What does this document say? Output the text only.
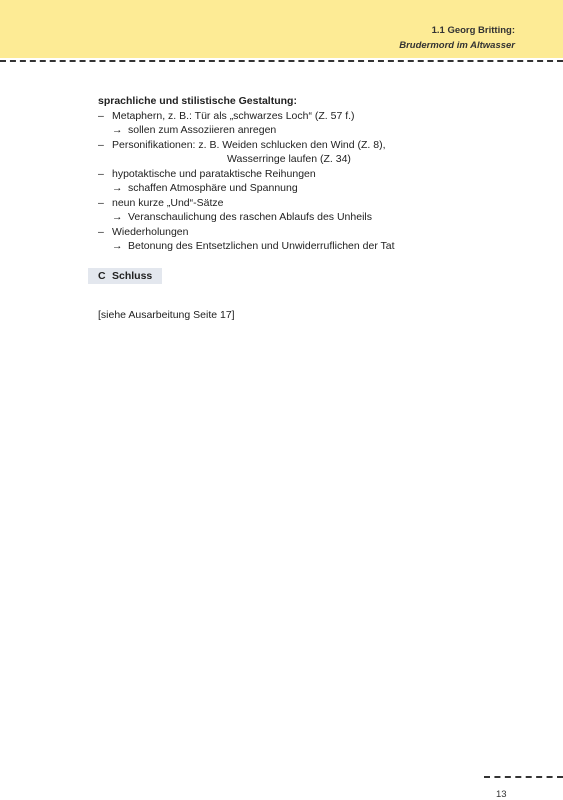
1.1 Georg Britting:
Brudermord im Altwasser
sprachliche und stilistische Gestaltung:
– Metaphern, z. B.: Tür als „schwarzes Loch“ (Z. 57 f.)
→ sollen zum Assoziieren anregen
– Personifikationen: z. B. Weiden schlucken den Wind (Z. 8),
Wasserringe laufen (Z. 34)
– hypotaktische und parataktische Reihungen
→ schaffen Atmosphäre und Spannung
– neun kurze „Und“-Sätze
→ Veranschaulichung des raschen Ablaufs des Unheils
– Wiederholungen
→ Betonung des Entsetzlichen und Unwiderruflichen der Tat
C Schluss
[siehe Ausarbeitung Seite 17]
13
